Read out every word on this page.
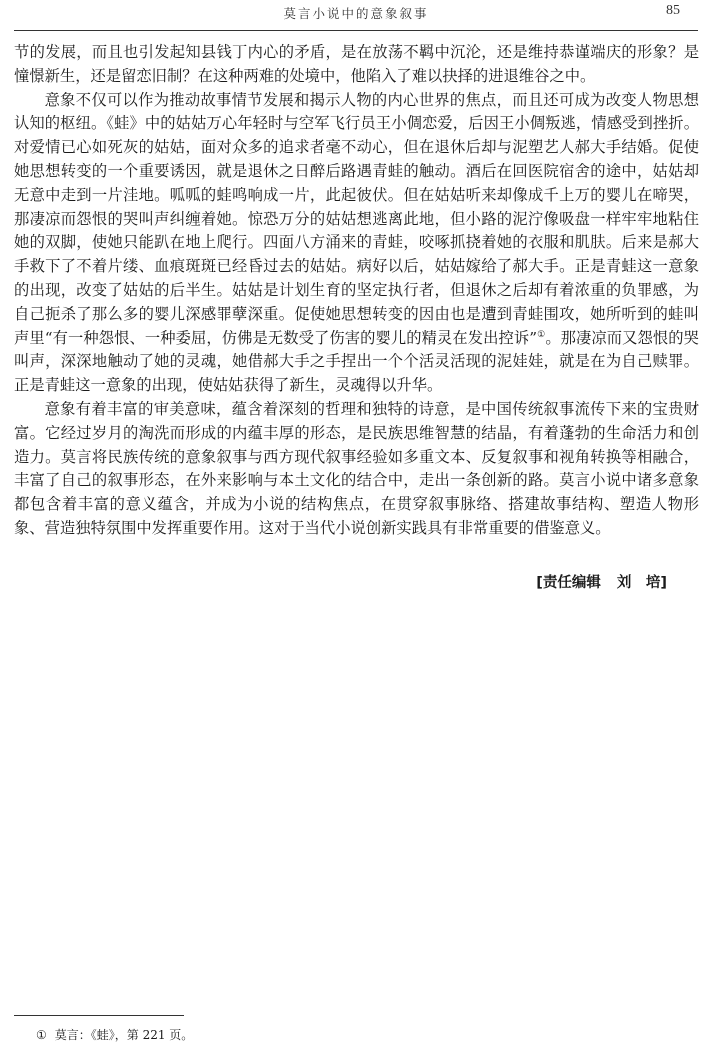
莫言小说中的意象叙事	85

节的发展，而且也引发起知县钱丁内心的矛盾，是在放荡不羁中沉沦，还是维持恭谨端庆的形象？是憧憬新生，还是留恋旧制？在这种两难的处境中，他陷入了难以抉择的进退维谷之中。

意象不仅可以作为推动故事情节发展和揭示人物的内心世界的焦点，而且还可成为改变人物思想认知的枢纽。《蛙》中的姑姑万心年轻时与空军飞行员王小倜恋爱，后因王小倜叛逃，情感受到挫折。对爱情已心如死灰的姑姑，面对众多的追求者毫不动心，但在退休后却与泥塑艺人郝大手结婚。促使她思想转变的一个重要诱因，就是退休之日醉后路遇青蛙的触动。酒后在回医院宿舍的途中，姑姑却无意中走到一片洼地。呱呱的蛙鸣响成一片，此起彼伏。但在姑姑听来却像成千上万的婴儿在啼哭，那凄凉而怨恨的哭叫声纠缠着她。惊恐万分的姑姑想逃离此地，但小路的泥泞像吸盘一样牢牢地粘住她的双脚，使她只能趴在地上爬行。四面八方涌来的青蛙，咬啄抓挠着她的衣服和肌肤。后来是郝大手救下了不着片缕、血痕斑斑已经昏过去的姑姑。病好以后，姑姑嫁给了郝大手。正是青蛙这一意象的出现，改变了姑姑的后半生。姑姑是计划生育的坚定执行者，但退休之后却有着浓重的负罪感，为自己扼杀了那么多的婴儿深感罪孽深重。促使她思想转变的因由也是遭到青蛙围攻，她所听到的蛙叫声里“有一种怨恨、一种委屈，仿佛是无数受了伤害的婴儿的精灵在发出控诉”①。那凄凉而又怨恨的哭叫声，深深地触动了她的灵魂，她借郝大手之手捏出一个个活灵活现的泥娃娃，就是在为自己赎罪。正是青蛙这一意象的出现，使姑姑获得了新生，灵魂得以升华。

意象有着丰富的审美意味，蕴含着深刻的哲理和独特的诗意，是中国传统叙事流传下来的宝贵财富。它经过岁月的淘洗而形成的内蕴丰厚的形态，是民族思维智慧的结晶，有着蓬勃的生命活力和创造力。莫言将民族传统的意象叙事与西方现代叙事经验如多重文本、反复叙事和视角转换等相融合，丰富了自己的叙事形态，在外来影响与本土文化的结合中，走出一条创新的路。莫言小说中诸多意象都包含着丰富的意义蕴含，并成为小说的结构焦点，在贯穿叙事脉络、搭建故事结构、塑造人物形象、营造独特氛围中发挥重要作用。这对于当代小说创新实践具有非常重要的借鉴意义。

[责任编辑 刘　培]
① 莫言：《蛙》，第 221 页。
